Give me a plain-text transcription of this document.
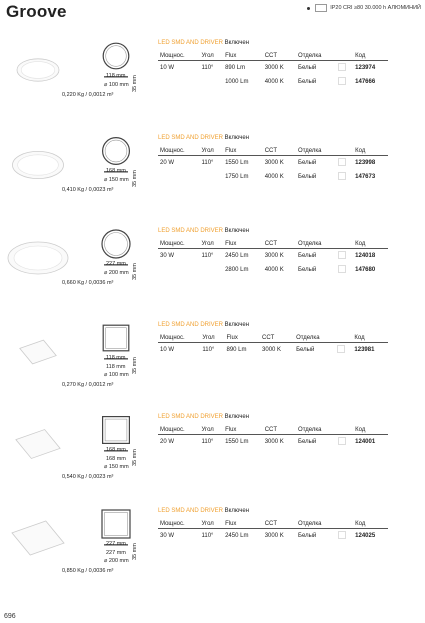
Groove	IP20 CRI ≥80 30.000 h АЛЮМИНИЙ
118 mm 35 mm
⌀ 100 mm
0,220 Kg / 0,0012 m³
LED SMD AND DRIVER Включен
Мощнос.	Угол	Flux	CCT	Отделка		Код
10 W	110°	890 Lm	3000 K	Белый		123974
		1000 Lm	4000 K	Белый		147666
168 mm 35 mm
⌀ 150 mm
0,410 Kg / 0,0023 m³
LED SMD AND DRIVER Включен
Мощнос.	Угол	Flux	CCT	Отделка		Код
20 W	110°	1550 Lm	3000 K	Белый		123998
		1750 Lm	4000 K	Белый		147673
227 mm 35 mm
⌀ 200 mm
0,660 Kg / 0,0036 m³
LED SMD AND DRIVER Включен
Мощнос.	Угол	Flux	CCT	Отделка		Код
30 W	110°	2450 Lm	3000 K	Белый		124018
		2800 Lm	4000 K	Белый		147680
118 mm 35 mm
118 mm
⌀ 100 mm
0,270 Kg / 0,0012 m³
LED SMD AND DRIVER Включен
Мощнос.	Угол	Flux	CCT	Отделка		Код
10 W	110°	890 Lm	3000 K	Белый		123981
168 mm 35 mm
168 mm
⌀ 150 mm
0,540 Kg / 0,0023 m³
LED SMD AND DRIVER Включен
Мощнос.	Угол	Flux	CCT	Отделка		Код
20 W	110°	1550 Lm	3000 K	Белый		124001
227 mm 35 mm
227 mm
⌀ 200 mm
0,850 Kg / 0,0036 m³
LED SMD AND DRIVER Включен
Мощнос.	Угол	Flux	CCT	Отделка		Код
30 W	110°	2450 Lm	3000 K	Белый		124025
696
